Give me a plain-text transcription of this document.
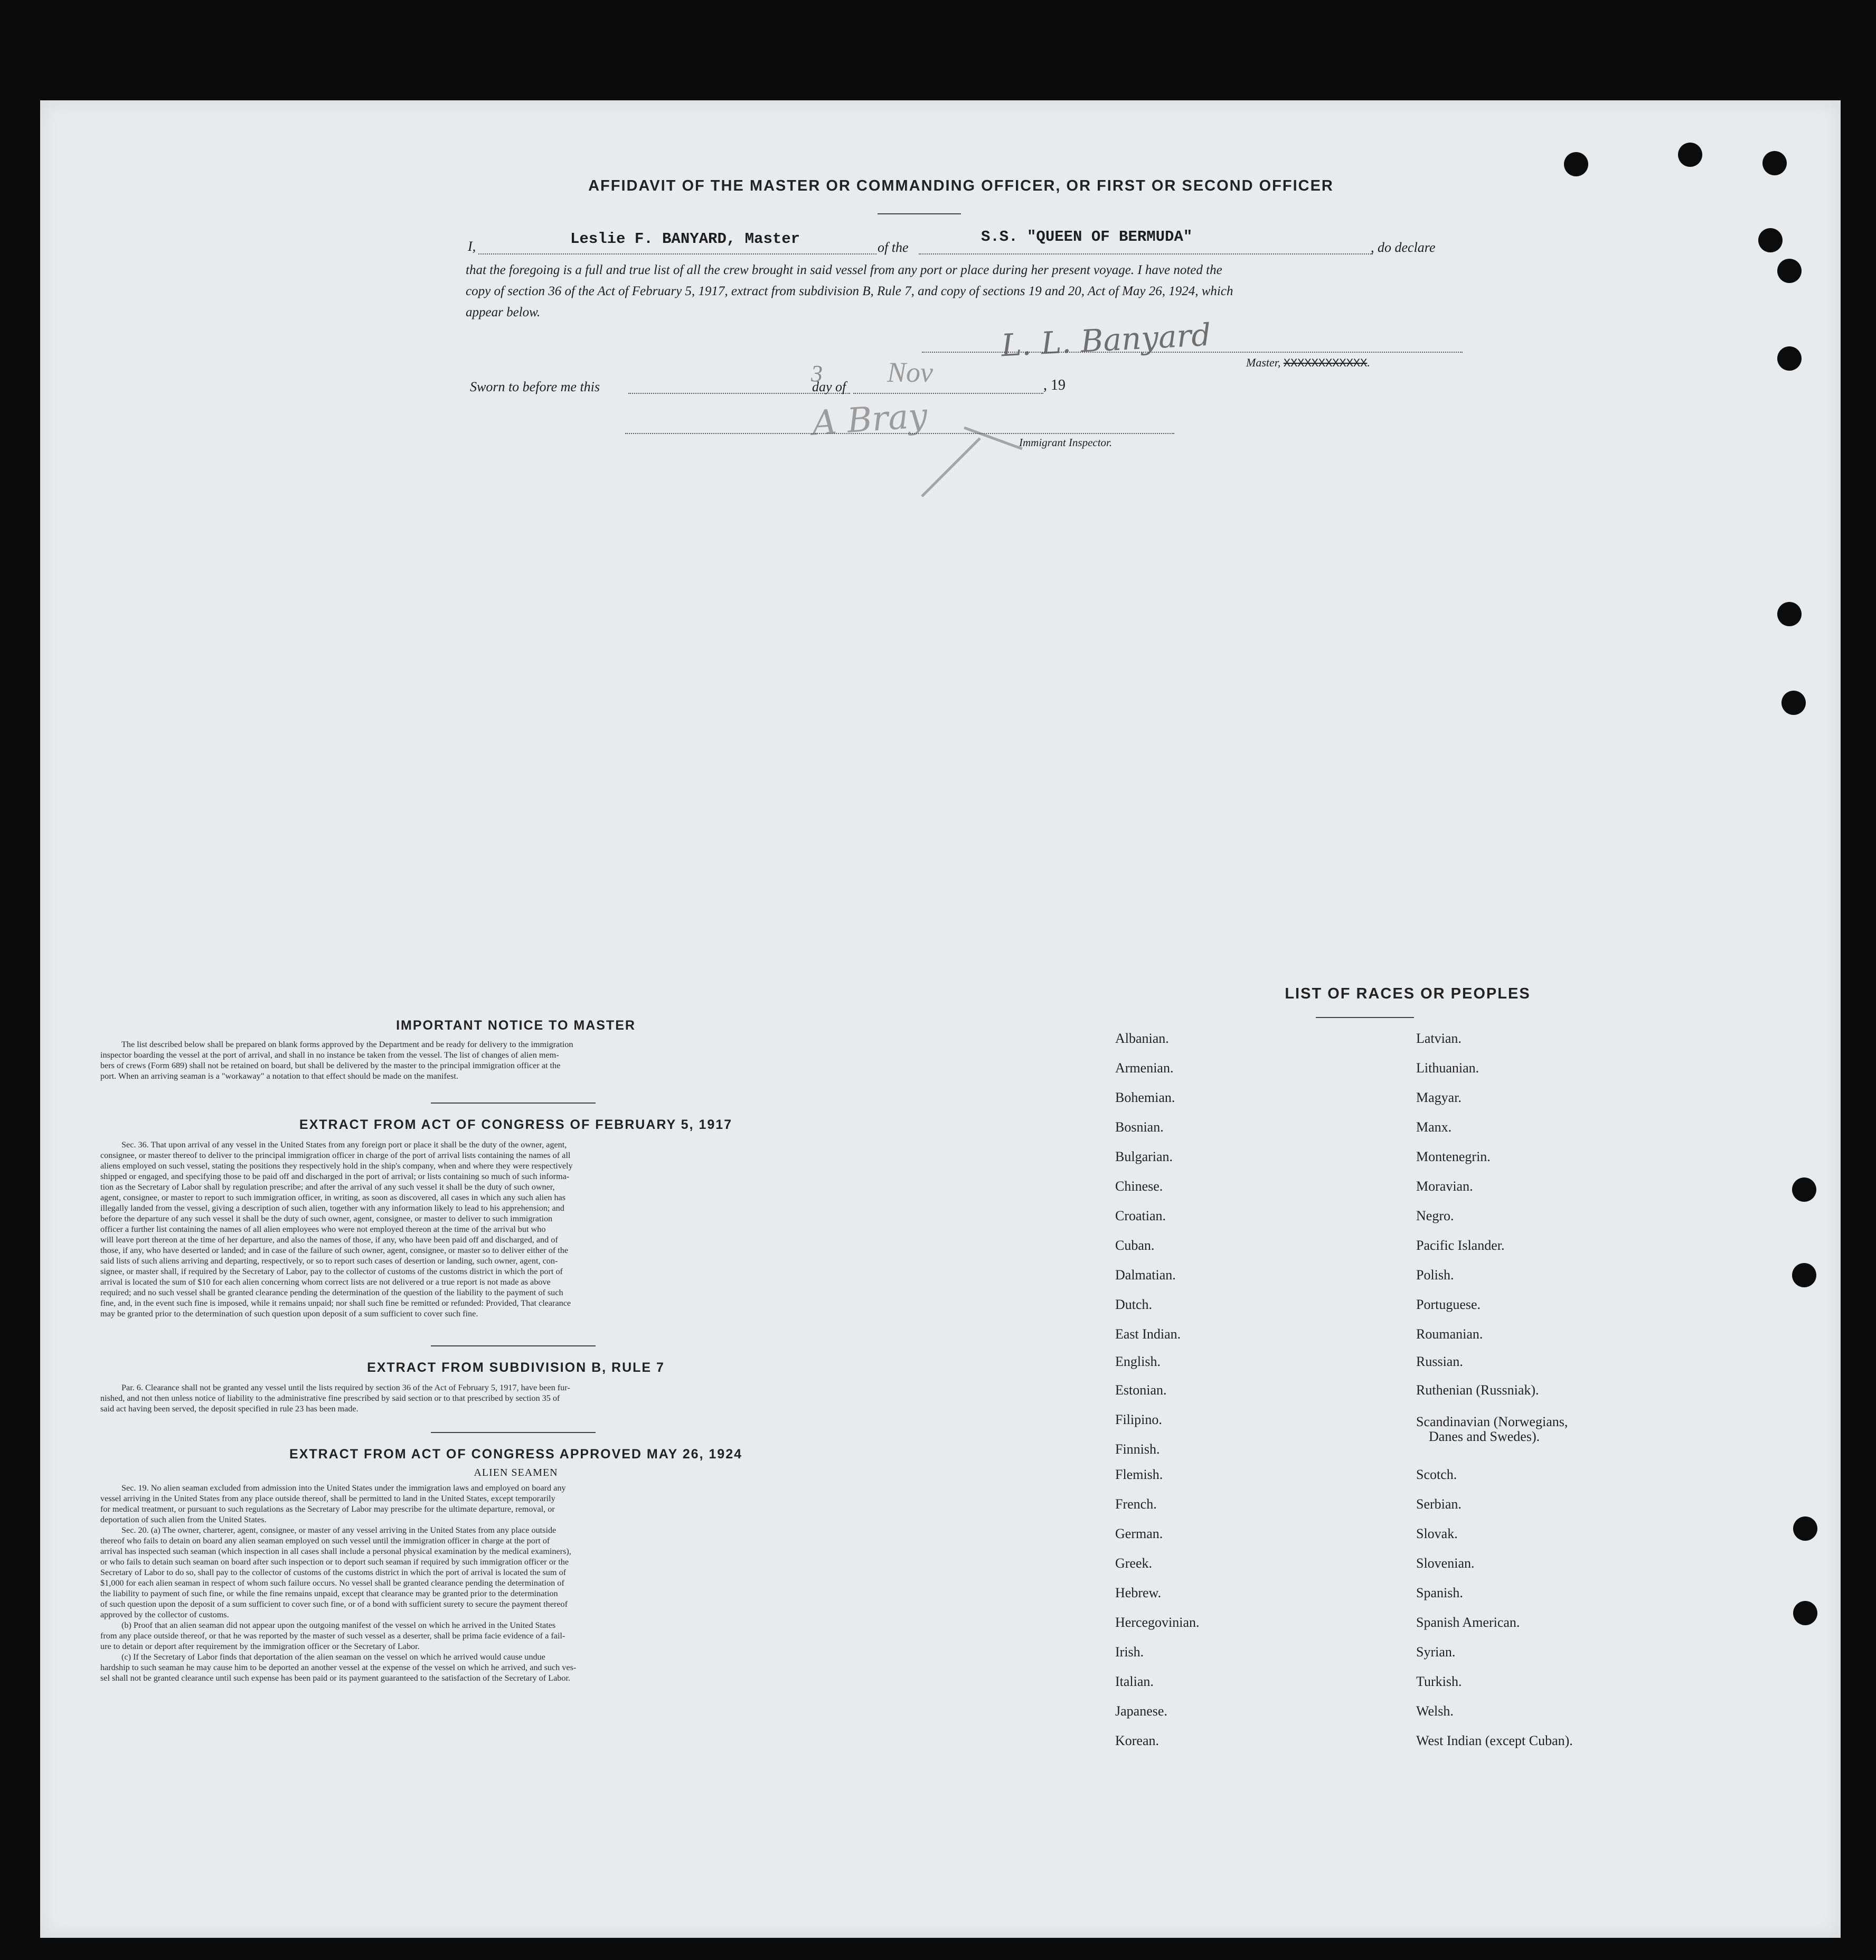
AFFIDAVIT OF THE MASTER OR COMMANDING OFFICER, OR FIRST OR SECOND OFFICER
I,	Leslie F. BANYARD, Master	of the
S.S. "QUEEN OF BERMUDA"
, do declare
that the foregoing is a full and true list of all the crew brought in said vessel from any port or place during her present voyage. I have noted the
copy of section 36 of the Act of February 5, 1917, extract from subdivision B, Rule 7, and copy of sections 19 and 20, Act of May 26, 1924, which
appear below.
L. L. Banyard	Master, XXXXXXXXXXXX.
Sworn to before me this
3
day of Nov	, 19
A Bray	Immigrant Inspector.
IMPORTANT NOTICE TO MASTER
The list described below shall be prepared on blank forms approved by the Department and be ready for delivery to the immigration
inspector boarding the vessel at the port of arrival, and shall in no instance be taken from the vessel. The list of changes of alien mem-
bers of crews (Form 689) shall not be retained on board, but shall be delivered by the master to the principal immigration officer at the
port. When an arriving seaman is a "workaway" a notation to that effect should be made on the manifest.
EXTRACT FROM ACT OF CONGRESS OF FEBRUARY 5, 1917
Sec. 36. That upon arrival of any vessel in the United States from any foreign port or place it shall be the duty of the owner, agent,
consignee, or master thereof to deliver to the principal immigration officer in charge of the port of arrival lists containing the names of all
aliens employed on such vessel, stating the positions they respectively hold in the ship's company, when and where they were respectively
shipped or engaged, and specifying those to be paid off and discharged in the port of arrival; or lists containing so much of such informa-
tion as the Secretary of Labor shall by regulation prescribe; and after the arrival of any such vessel it shall be the duty of such owner,
agent, consignee, or master to report to such immigration officer, in writing, as soon as discovered, all cases in which any such alien has
illegally landed from the vessel, giving a description of such alien, together with any information likely to lead to his apprehension; and
before the departure of any such vessel it shall be the duty of such owner, agent, consignee, or master to deliver to such immigration
officer a further list containing the names of all alien employees who were not employed thereon at the time of the arrival but who
will leave port thereon at the time of her departure, and also the names of those, if any, who have been paid off and discharged, and of
those, if any, who have deserted or landed; and in case of the failure of such owner, agent, consignee, or master so to deliver either of the
said lists of such aliens arriving and departing, respectively, or so to report such cases of desertion or landing, such owner, agent, con-
signee, or master shall, if required by the Secretary of Labor, pay to the collector of customs of the customs district in which the port of
arrival is located the sum of $10 for each alien concerning whom correct lists are not delivered or a true report is not made as above
required; and no such vessel shall be granted clearance pending the determination of the question of the liability to the payment of such
fine, and, in the event such fine is imposed, while it remains unpaid; nor shall such fine be remitted or refunded: Provided, That clearance
may be granted prior to the determination of such question upon deposit of a sum sufficient to cover such fine.
EXTRACT FROM SUBDIVISION B, RULE 7
Par. 6. Clearance shall not be granted any vessel until the lists required by section 36 of the Act of February 5, 1917, have been fur-
nished, and not then unless notice of liability to the administrative fine prescribed by said section or to that prescribed by section 35 of
said act having been served, the deposit specified in rule 23 has been made.
EXTRACT FROM ACT OF CONGRESS APPROVED MAY 26, 1924
ALIEN SEAMEN
Sec. 19. No alien seaman excluded from admission into the United States under the immigration laws and employed on board any
vessel arriving in the United States from any place outside thereof, shall be permitted to land in the United States, except temporarily
for medical treatment, or pursuant to such regulations as the Secretary of Labor may prescribe for the ultimate departure, removal, or
deportation of such alien from the United States.
Sec. 20. (a) The owner, charterer, agent, consignee, or master of any vessel arriving in the United States from any place outside
thereof who fails to detain on board any alien seaman employed on such vessel until the immigration officer in charge at the port of
arrival has inspected such seaman (which inspection in all cases shall include a personal physical examination by the medical examiners),
or who fails to detain such seaman on board after such inspection or to deport such seaman if required by such immigration officer or the
Secretary of Labor to do so, shall pay to the collector of customs of the customs district in which the port of arrival is located the sum of
$1,000 for each alien seaman in respect of whom such failure occurs. No vessel shall be granted clearance pending the determination of
the liability to payment of such fine, or while the fine remains unpaid, except that clearance may be granted prior to the determination
of such question upon the deposit of a sum sufficient to cover such fine, or of a bond with sufficient surety to secure the payment thereof
approved by the collector of customs.
(b) Proof that an alien seaman did not appear upon the outgoing manifest of the vessel on which he arrived in the United States
from any place outside thereof, or that he was reported by the master of such vessel as a deserter, shall be prima facie evidence of a fail-
ure to detain or deport after requirement by the immigration officer or the Secretary of Labor.
(c) If the Secretary of Labor finds that deportation of the alien seaman on the vessel on which he arrived would cause undue
hardship to such seaman he may cause him to be deported an another vessel at the expense of the vessel on which he arrived, and such ves-
sel shall not be granted clearance until such expense has been paid or its payment guaranteed to the satisfaction of the Secretary of Labor.
LIST OF RACES OR PEOPLES
Albanian.
Armenian.
Bohemian.
Bosnian.
Bulgarian.
Chinese.
Croatian.
Cuban.
Dalmatian.
Dutch.
East Indian.
English.
Estonian.
Filipino.
Finnish.
Flemish.
French.
German.
Greek.
Hebrew.
Hercegovinian.
Irish.
Italian.
Japanese.
Korean.
Latvian.
Lithuanian.
Magyar.
Manx.
Montenegrin.
Moravian.
Negro.
Pacific Islander.
Polish.
Portuguese.
Roumanian.
Russian.
Ruthenian (Russniak).
Scandinavian (Norwegians,
Danes and Swedes).
Scotch.
Serbian.
Slovak.
Slovenian.
Spanish.
Spanish American.
Syrian.
Turkish.
Welsh.
West Indian (except Cuban).
